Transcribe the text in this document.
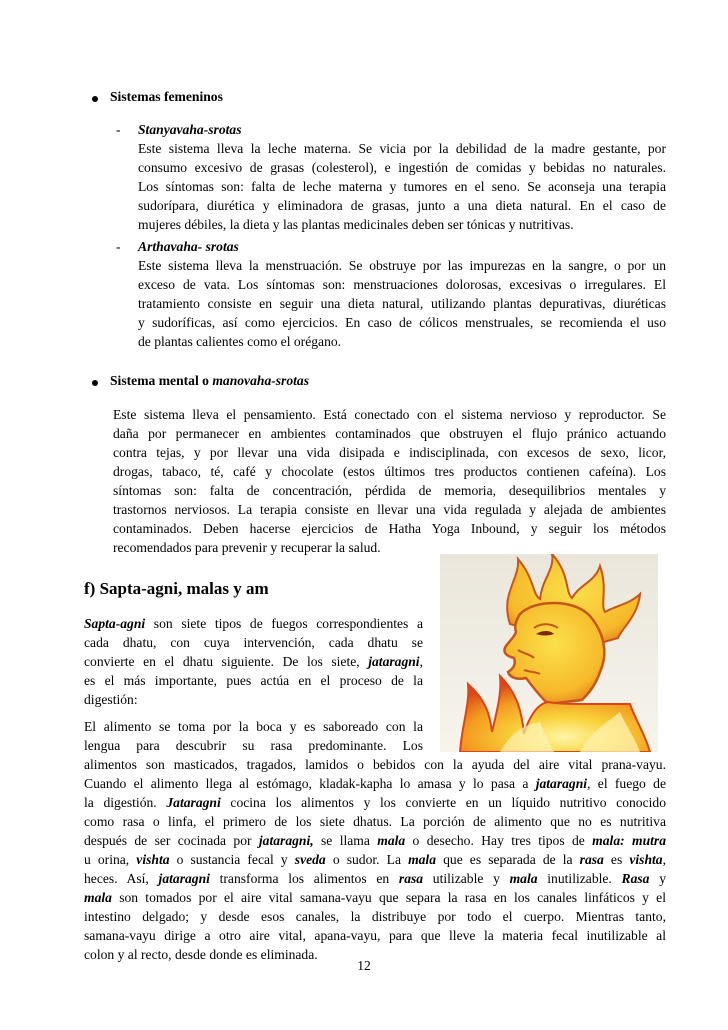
Sistemas femeninos
- Stanyavaha-srotas
Este sistema lleva la leche materna. Se vicia por la debilidad de la madre gestante, por
consumo excesivo de grasas (colesterol), e ingestión de comidas y bebidas no naturales.
Los síntomas son: falta de leche materna y tumores en el seno. Se aconseja una terapia
sudorípara, diurética y eliminadora de grasas, junto a una dieta natural. En el caso de
mujeres débiles, la dieta y las plantas medicinales deben ser tónicas y nutritivas.
- Arthavaha- srotas
Este sistema lleva la menstruación. Se obstruye por las impurezas en la sangre, o por un
exceso de vata. Los síntomas son: menstruaciones dolorosas, excesivas o irregulares. El
tratamiento consiste en seguir una dieta natural, utilizando plantas depurativas, diuréticas
y sudoríficas, así como ejercicios. En caso de cólicos menstruales, se recomienda el uso
de plantas calientes como el orégano.
Sistema mental o manovaha-srotas
Este sistema lleva el pensamiento. Está conectado con el sistema nervioso y reproductor. Se
daña por permanecer en ambientes contaminados que obstruyen el flujo pránico actuando
contra tejas, y por llevar una vida disipada e indisciplinada, con excesos de sexo, licor,
drogas, tabaco, té, café y chocolate (estos últimos tres productos contienen cafeína). Los
síntomas son: falta de concentración, pérdida de memoria, desequilibrios mentales y
trastornos nerviosos. La terapia consiste en llevar una vida regulada y alejada de ambientes
contaminados. Deben hacerse ejercicios de Hatha Yoga Inbound, y seguir los métodos
recomendados para prevenir y recuperar la salud.
f) Sapta-agni, malas y am
Sapta-agni son siete tipos de fuegos correspondientes a
cada dhatu, con cuya intervención, cada dhatu se
convierte en el dhatu siguiente. De los siete, jataragni,
es el más importante, pues actúa en el proceso de la
digestión:
El alimento se toma por la boca y es saboreado con la
lengua para descubrir su rasa predominante. Los
alimentos son masticados, tragados, lamidos o bebidos con la ayuda del aire vital prana-vayu.
Cuando el alimento llega al estómago, kladak-kapha lo amasa y lo pasa a jataragni, el fuego de
la digestión. Jataragni cocina los alimentos y los convierte en un líquido nutritivo conocido
como rasa o linfa, el primero de los siete dhatus. La porción de alimento que no es nutritiva
después de ser cocinada por jataragni, se llama mala o desecho. Hay tres tipos de mala: mutra
u orina, vishta o sustancia fecal y sveda o sudor. La mala que es separada de la rasa es vishta,
heces. Así, jataragni transforma los alimentos en rasa utilizable y mala inutilizable. Rasa y
mala son tomados por el aire vital samana-vayu que separa la rasa en los canales linfáticos y el
intestino delgado; y desde esos canales, la distribuye por todo el cuerpo. Mientras tanto,
samana-vayu dirige a otro aire vital, apana-vayu, para que lleve la materia fecal inutilizable al
colon y al recto, desde donde es eliminada.
12
